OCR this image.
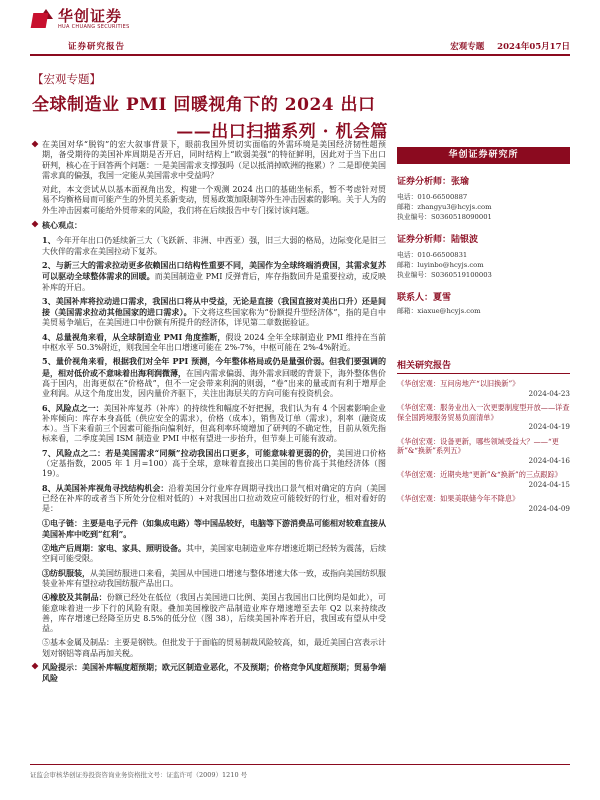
华创证券
HUA CHUANG SECURITIES
证券研究报告	宏观专题 2024年05月17日
【宏观专题】
全球制造业 PMI 回暖视角下的 2024 出口
——出口扫描系列 · 机会篇
在美国对华“脱钩”的宏大叙事背景下，眼前我国外贸切实面临的外需环境是美国经济韧性超预期，备受期待的美国补库周期是否开启，同时结构上“欧弱美强”的特征鲜明，因此对于当下出口研判，核心在于回答两个问题：一是美国需求支撑强吗（足以抵消掉欧洲的拖累）？二是即使美国需求真的偏强，我国一定能从美国需求中受益吗？
对此，本文尝试从以基本面视角出发，构建一个观测 2024 出口的基础坐标系，暂不考虑针对贸易不均衡格局而可能产生的外贸关系新变动，贸易政策加限制等外生冲击因素的影响。关于人为的外生冲击因素可能给外贸带来的风险，我们将在后续报告中专门探讨该问题。
核心观点：
1、今年开年出口仍延续新三大（飞跃新、非洲、中西亚）强，旧三大弱的格局，边际变化是旧三大伙伴的需求在美国拉动下复苏。
2、与新三大的需求拉动更多依赖国出口结构性重要不同，美国作为全球终端消费国，其需求复苏可以驱动全球整体需求的回暖。而美国制造业 PMI 反弹背后，库存指数回升是重要拉动，或反映补库的开启。
3、美国补库将拉动进口需求，我国出口将从中受益，无论是直接（我国直接对美出口升）还是间接（美国需求拉动其他国家的进口需求）。下文将这些国家称为“份额提升型经济体”，指的是自中美贸易争端后，在美国进口中份额有所提升的经济体，详见第二章数据验证。
4、总量视角来看，从全球制造业 PMI 角度推断，假设 2024 全年全球制造业 PMI 维持在当前中枢水平 50.3%附近，则我国全年出口增速可能在 2%-7%，中枢可能在 2%-4%附近。
5、量价视角来看，根据我们对全年 PPI 预测，今年整体格局或仍是量强价弱。但我们要强调的是，相对低价或不意味着出海利润微薄，在国内需求偏弱、海外需求回暖的背景下，海外整体售价高于国内，出海更似在“价格战”，但不一定会带来利润的则弱，“卷”出来的量或而有利于增厚企业利润。从这个角度出发，因内量价齐驱下，关注出海层关的方向可能有投资机会。
6、风险点之一：美国补库复苏（补库）的持续性和幅度不好把握，我们认为有 4 个因素影响企业补库倾向：库存本身高低（供应安全的需求），价格（成本），销售及订单（需求），利率（融资成本）。当下来看前三个因素可能指向偏利好，但高利率环境增加了研判的不确定性，目前从领先指标来看，二季度美国 ISM 制造业 PMI 中枢有望进一步抬升，但节奏上可能有波动。
7、风险点之二：若是美国需求“同频”拉动我国出口更多，可能意味着更弱的价，美国进口价格（定基指数，2005 年 1 月=100）高于全球，意味着直接出口美国的售价高于其他经济体（图 19）。
8、从美国补库视角寻找结构机会：沿着美国分行业库存周期寻找出口景气相对确定的方向（美国已经在补库的或者当下所处分位相对低的）+对我国出口拉动效应可能较好的行业，相对看好的是：
①电子链：主要是电子元件（如集成电路）等中国品较好，电脑等下游消费品可能相对较难直接从美国补库中吃到“红利”。
②地产后周期：家电、家具、照明设备。其中，美国家电制造业库存增速近期已经转为震荡，后续空间可能受限。
③纺织服装，从美国纺服进口来看，美国从中国进口增速与整体增速大体一致，或指向美国纺织服装业补库有望拉动我国纺服产品出口。
④橡胶及其制品：份额已经处在低位（我国占美国进口比例、美国占我国出口比例均是如此），可能意味着进一步下行的风险有限。叠加美国橡胶产品制造业库存增速增至去年 Q2 以来持续改善，库存增速已经降至历史 8.5%的低分位（图 38），后续美国补库若开启，我国或有望从中受益。
⑤基本金属及制品：主要是钢铁。但批发于于面临的贸易制裁风险较高，如，最近美国白宫表示计划对钢铝等商品再加关税。
风险提示：美国补库幅度超预期；欧元区制造业恶化，不及预期；价格竞争风度超预期；贸易争端风险
华创证券研究所
证券分析师：张瑜
电话：010-66500887
邮箱：zhangyu3@hcyjs.com
执业编号：S0360518090001
证券分析师：陆银波
电话：010-66500831
邮箱：luyinbo@hcyjs.com
执业编号：S0360519100003
联系人：夏雪
邮箱：xiaxue@hcyjs.com
相关研究报告
《华创宏观：互问房地产“以旧换新”》
2024-04-23
《华创宏观：服务业出入一次更要制度型开放——详查保全国跨境服务贸易负面清单》
2024-04-19
《华创宏观：设备更新，哪些领域受益大？——“更新”&“换新”系列五》
2024-04-16
《华创宏观：近期央地“更新”&“换新”的三点跟踪》
2024-04-15
《华创宏观：如果美联储今年不降息》
2024-04-09
证监会审核华创证券投资咨询业务资格批文号：证监许可（2009）1210 号
